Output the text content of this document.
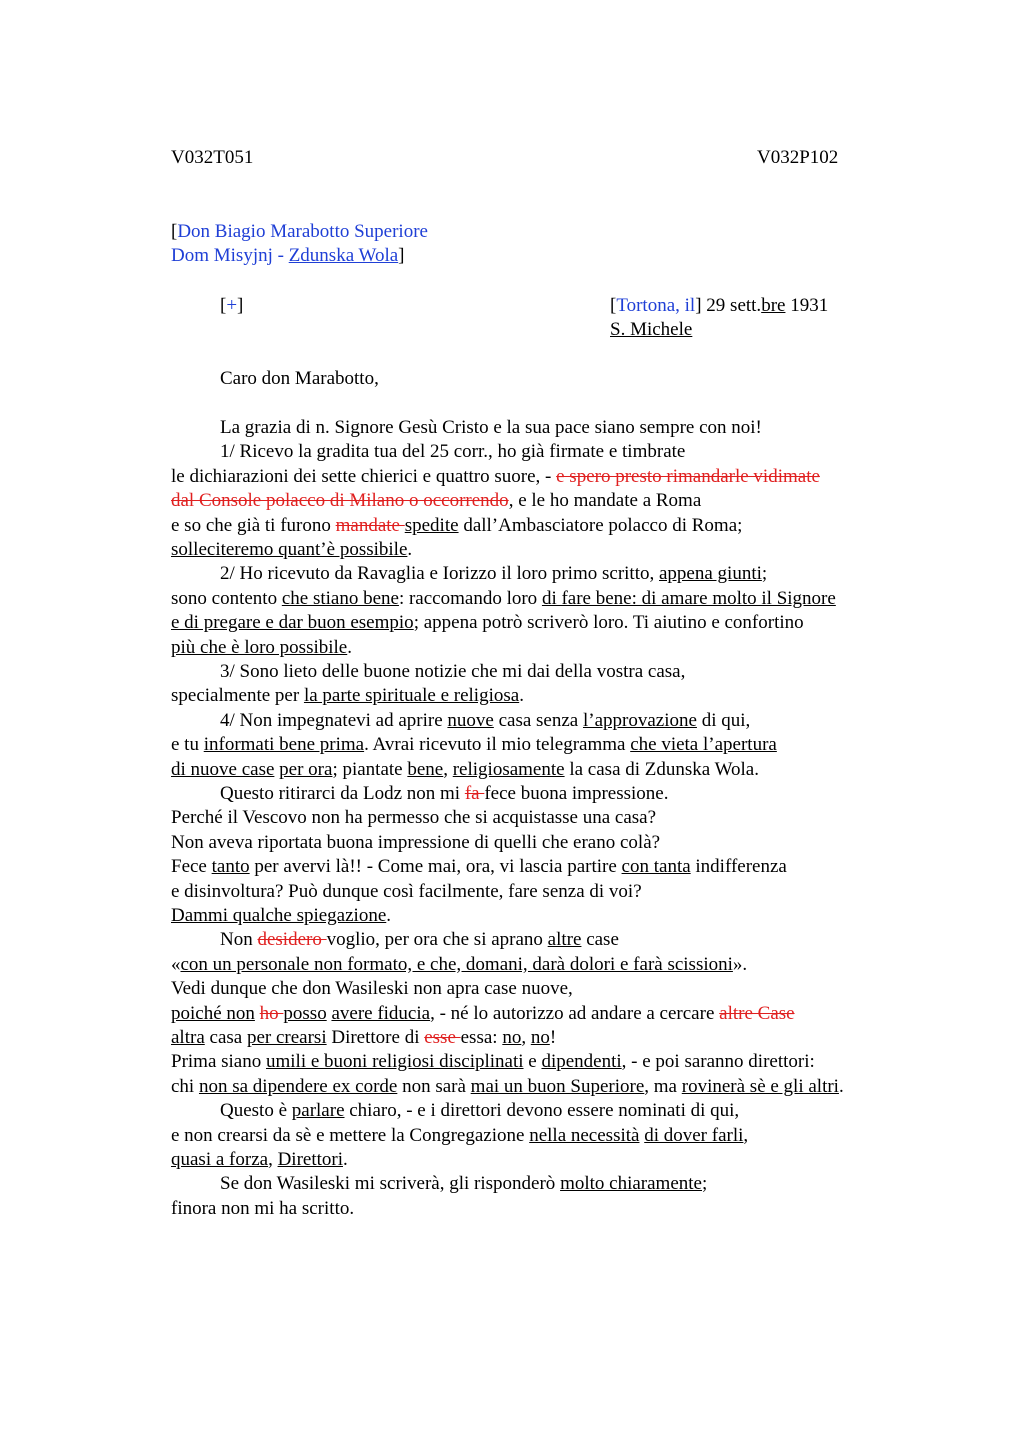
V032T051	V032P102
[Don Biagio Marabotto Superiore
Dom Misyjnj - Zdunska Wola]
[+]	[Tortona, il] 29 sett.bre 1931
S. Michele
Caro don Marabotto,
La grazia di n. Signore Gesù Cristo e la sua pace siano sempre con noi!
1/ Ricevo la gradita tua del 25 corr., ho già firmate e timbrate
le dichiarazioni dei sette chierici e quattro suore, - e spero presto rimandarle vidimate
dal Console polacco di Milano o occorrendo, e le ho mandate a Roma
e so che già ti furono mandate spedite dall’Ambasciatore polacco di Roma;
solleciteremo quant’è possibile.
2/ Ho ricevuto da Ravaglia e Iorizzo il loro primo scritto, appena giunti;
sono contento che stiano bene: raccomando loro di fare bene: di amare molto il Signore
e di pregare e dar buon esempio; appena potrò scriverò loro. Ti aiutino e confortino
più che è loro possibile.
3/ Sono lieto delle buone notizie che mi dai della vostra casa,
specialmente per la parte spirituale e religiosa.
4/ Non impegnatevi ad aprire nuove casa senza l’approvazione di qui,
e tu informati bene prima. Avrai ricevuto il mio telegramma che vieta l’apertura
di nuove case per ora; piantate bene, religiosamente la casa di Zdunska Wola.
Questo ritirarci da Lodz non mi fa fece buona impressione.
Perché il Vescovo non ha permesso che si acquistasse una casa?
Non aveva riportata buona impressione di quelli che erano colà?
Fece tanto per avervi là!! - Come mai, ora, vi lascia partire con tanta indifferenza
e disinvoltura? Può dunque così facilmente, fare senza di voi?
Dammi qualche spiegazione.
Non desidero voglio, per ora che si aprano altre case
«con un personale non formato, e che, domani, darà dolori e farà scissioni».
Vedi dunque che don Wasileski non apra case nuove,
poiché non ho posso avere fiducia, - né lo autorizzo ad andare a cercare altre Case
altra casa per crearsi Direttore di esse essa: no, no!
Prima siano umili e buoni religiosi disciplinati e dipendenti, - e poi saranno direttori:
chi non sa dipendere ex corde non sarà mai un buon Superiore, ma rovinerà sè e gli altri.
Questo è parlare chiaro, - e i direttori devono essere nominati di qui,
e non crearsi da sè e mettere la Congregazione nella necessità di dover farli,
quasi a forza, Direttori.
Se don Wasileski mi scriverà, gli risponderò molto chiaramente;
finora non mi ha scritto.
